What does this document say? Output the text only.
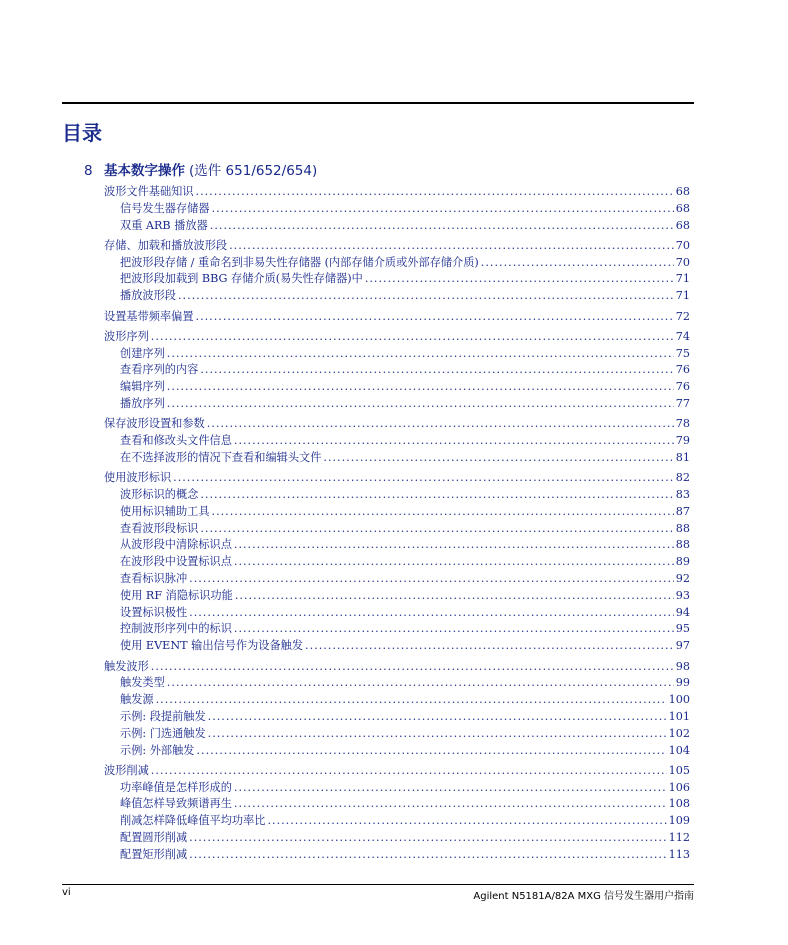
目录
8 基本数字操作 (选件 651/652/654)
波形文件基础知识 .....	68
信号发生器存储器 .....	68
双重 ARB 播放器 .....	68
存储、加载和播放波形段 .....	70
把波形段存储 / 重命名到非易失性存储器 (内部存储介质或外部存储介质) .....	70
把波形段加载到 BBG 存储介质(易失性存储器)中 .....	71
播放波形段 .....	71
设置基带频率偏置 .....	72
波形序列 .....	74
创建序列 .....	75
查看序列的内容 .....	76
编辑序列 .....	76
播放序列 .....	77
保存波形设置和参数 .....	78
查看和修改头文件信息 .....	79
在不选择波形的情况下查看和编辑头文件 .....	81
使用波形标识 .....	82
波形标识的概念 .....	83
使用标识辅助工具 .....	87
查看波形段标识 .....	88
从波形段中清除标识点 .....	88
在波形段中设置标识点 .....	89
查看标识脉冲 .....	92
使用 RF 消隐标识功能 .....	93
设置标识极性 .....	94
控制波形序列中的标识 .....	95
使用 EVENT 输出信号作为设备触发 .....	97
触发波形 .....	98
触发类型 .....	99
触发源 .....	100
示例: 段提前触发 .....	101
示例: 门选通触发 .....	102
示例: 外部触发 .....	104
波形削减 .....	105
功率峰值是怎样形成的 .....	106
峰值怎样导致频谱再生 .....	108
削减怎样降低峰值平均功率比 .....	109
配置圆形削减 .....	112
配置矩形削减 .....	113
vi	Agilent N5181A/82A MXG 信号发生器用户指南
